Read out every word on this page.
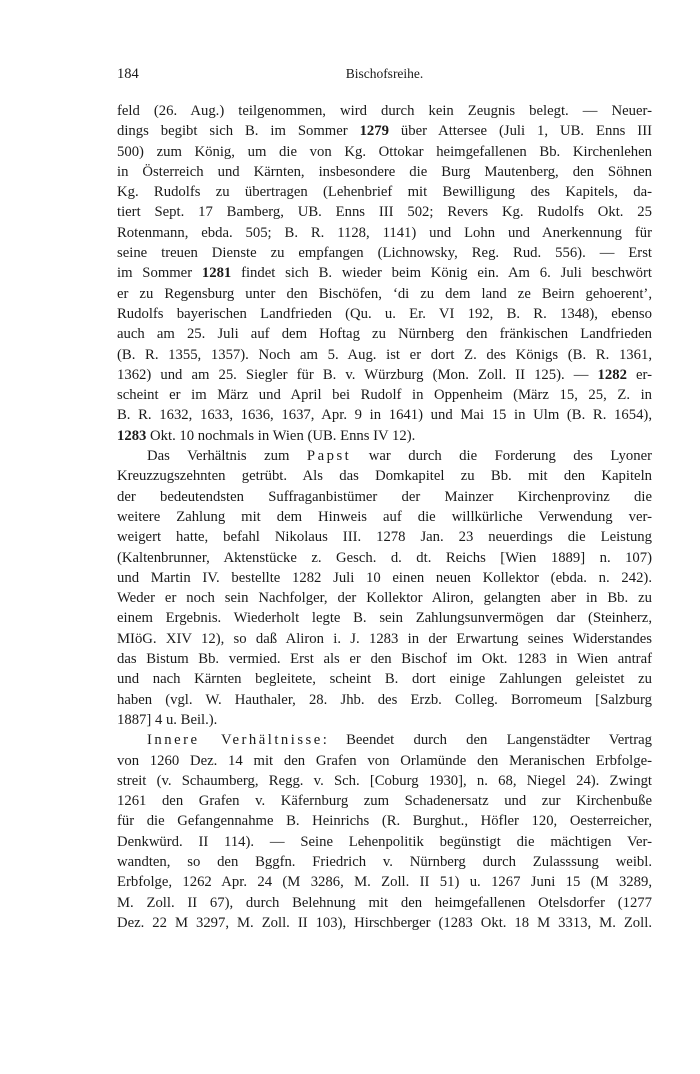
184	Bischofsreihe.
feld (26. Aug.) teilgenommen, wird durch kein Zeugnis belegt. — Neuer-
dings begibt sich B. im Sommer 1279 über Attersee (Juli 1, UB. Enns III
500) zum König, um die von Kg. Ottokar heimgefallenen Bb. Kirchenlehen
in Österreich und Kärnten, insbesondere die Burg Mautenberg, den Söhnen
Kg. Rudolfs zu übertragen (Lehenbrief mit Bewilligung des Kapitels, da-
tiert Sept. 17 Bamberg, UB. Enns III 502; Revers Kg. Rudolfs Okt. 25
Rotenmann, ebda. 505; B. R. 1128, 1141) und Lohn und Anerkennung für
seine treuen Dienste zu empfangen (Lichnowsky, Reg. Rud. 556). — Erst
im Sommer 1281 findet sich B. wieder beim König ein. Am 6. Juli beschwört
er zu Regensburg unter den Bischöfen, ‘di zu dem land ze Beirn gehoerent’,
Rudolfs bayerischen Landfrieden (Qu. u. Er. VI 192, B. R. 1348), ebenso
auch am 25. Juli auf dem Hoftag zu Nürnberg den fränkischen Landfrieden
(B. R. 1355, 1357). Noch am 5. Aug. ist er dort Z. des Königs (B. R. 1361,
1362) und am 25. Siegler für B. v. Würzburg (Mon. Zoll. II 125). — 1282 er-
scheint er im März und April bei Rudolf in Oppenheim (März 15, 25, Z. in
B. R. 1632, 1633, 1636, 1637, Apr. 9 in 1641) und Mai 15 in Ulm (B. R. 1654),
1283 Okt. 10 nochmals in Wien (UB. Enns IV 12).
Das Verhältnis zum Papst war durch die Forderung des Lyoner
Kreuzzugszehnten getrübt. Als das Domkapitel zu Bb. mit den Kapiteln
der bedeutendsten Suffraganbistümer der Mainzer Kirchenprovinz die
weitere Zahlung mit dem Hinweis auf die willkürliche Verwendung ver-
weigert hatte, befahl Nikolaus III. 1278 Jan. 23 neuerdings die Leistung
(Kaltenbrunner, Aktenstücke z. Gesch. d. dt. Reichs [Wien 1889] n. 107)
und Martin IV. bestellte 1282 Juli 10 einen neuen Kollektor (ebda. n. 242).
Weder er noch sein Nachfolger, der Kollektor Aliron, gelangten aber in Bb. zu
einem Ergebnis. Wiederholt legte B. sein Zahlungsunvermögen dar (Steinherz,
MIöG. XIV 12), so daß Aliron i. J. 1283 in der Erwartung seines Widerstandes
das Bistum Bb. vermied. Erst als er den Bischof im Okt. 1283 in Wien antraf
und nach Kärnten begleitete, scheint B. dort einige Zahlungen geleistet zu
haben (vgl. W. Hauthaler, 28. Jhb. des Erzb. Colleg. Borromeum [Salzburg
1887] 4 u. Beil.).
Innere Verhältnisse: Beendet durch den Langenstädter Vertrag
von 1260 Dez. 14 mit den Grafen von Orlamünde den Meranischen Erbfolge-
streit (v. Schaumberg, Regg. v. Sch. [Coburg 1930], n. 68, Niegel 24). Zwingt
1261 den Grafen v. Käfernburg zum Schadenersatz und zur Kirchenbuße
für die Gefangennahme B. Heinrichs (R. Burghut., Höfler 120, Oesterreicher,
Denkwürd. II 114). — Seine Lehenpolitik begünstigt die mächtigen Ver-
wandten, so den Bggfn. Friedrich v. Nürnberg durch Zulasssung weibl.
Erbfolge, 1262 Apr. 24 (M 3286, M. Zoll. II 51) u. 1267 Juni 15 (M 3289,
M. Zoll. II 67), durch Belehnung mit den heimgefallenen Otelsdorfer (1277
Dez. 22 M 3297, M. Zoll. II 103), Hirschberger (1283 Okt. 18 M 3313, M. Zoll.
